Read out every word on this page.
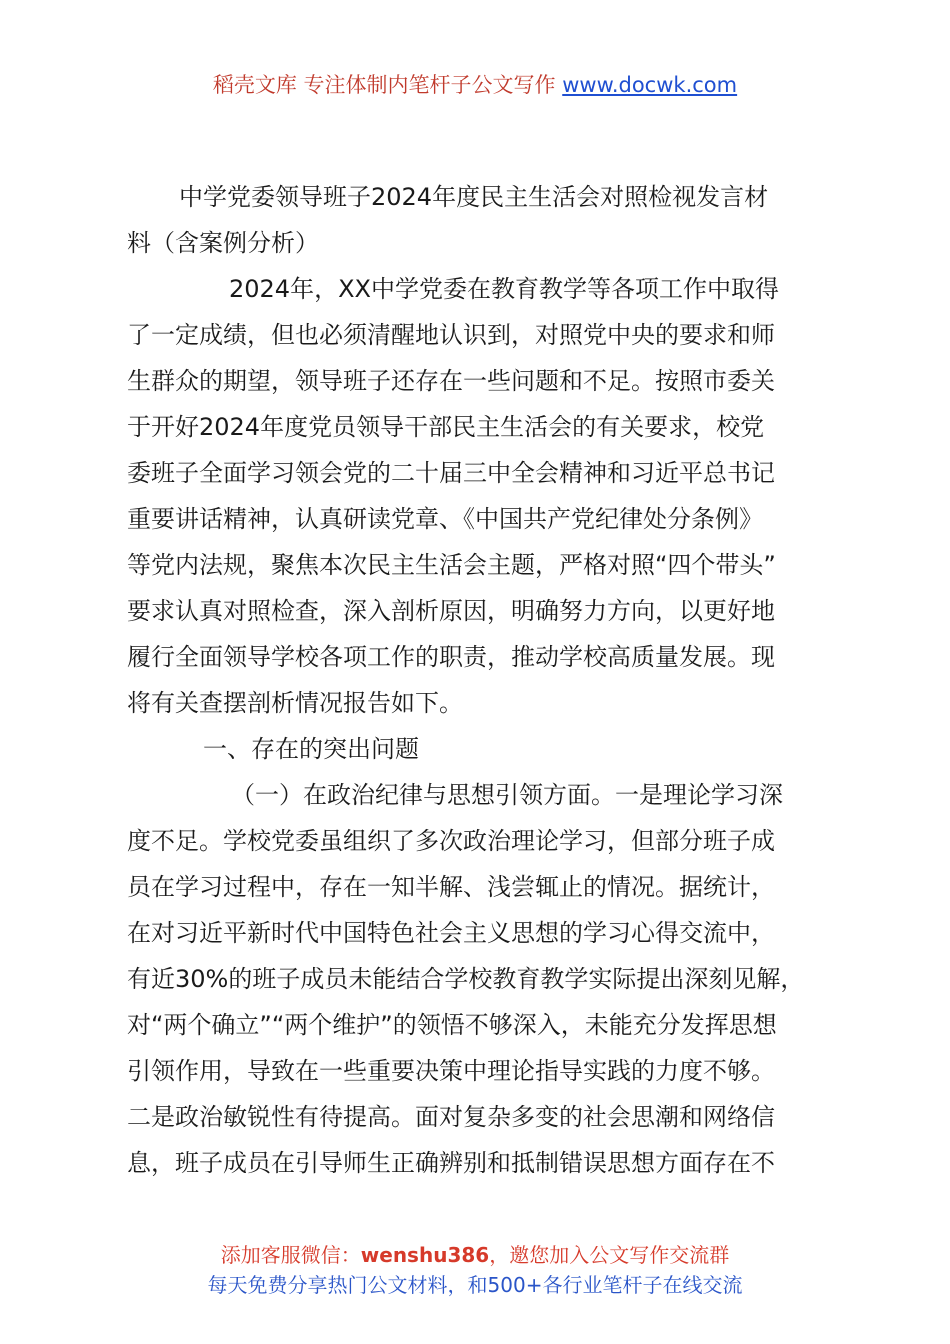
稻壳文库 专注体制内笔杆子公文写作 www.docwk.com
中学党委领导班子2024年度民主生活会对照检视发言材
料（含案例分析）
2024年，XX中学党委在教育教学等各项工作中取得
了一定成绩，但也必须清醒地认识到，对照党中央的要求和师
生群众的期望，领导班子还存在一些问题和不足。按照市委关
于开好2024年度党员领导干部民主生活会的有关要求，校党
委班子全面学习领会党的二十届三中全会精神和习近平总书记
重要讲话精神，认真研读党章、《中国共产党纪律处分条例》
等党内法规，聚焦本次民主生活会主题，严格对照“四个带头”
要求认真对照检查，深入剖析原因，明确努力方向，以更好地
履行全面领导学校各项工作的职责，推动学校高质量发展。现
将有关查摆剖析情况报告如下。
一、存在的突出问题
（一）在政治纪律与思想引领方面。一是理论学习深
度不足。学校党委虽组织了多次政治理论学习，但部分班子成
员在学习过程中，存在一知半解、浅尝辄止的情况。据统计，
在对习近平新时代中国特色社会主义思想的学习心得交流中，
有近30%的班子成员未能结合学校教育教学实际提出深刻见解，
对“两个确立”“两个维护”的领悟不够深入，未能充分发挥思想
引领作用，导致在一些重要决策中理论指导实践的力度不够。
二是政治敏锐性有待提高。面对复杂多变的社会思潮和网络信
息，班子成员在引导师生正确辨别和抵制错误思想方面存在不
添加客服微信：wenshu386，邀您加入公文写作交流群
每天免费分享热门公文材料，和500+各行业笔杆子在线交流
